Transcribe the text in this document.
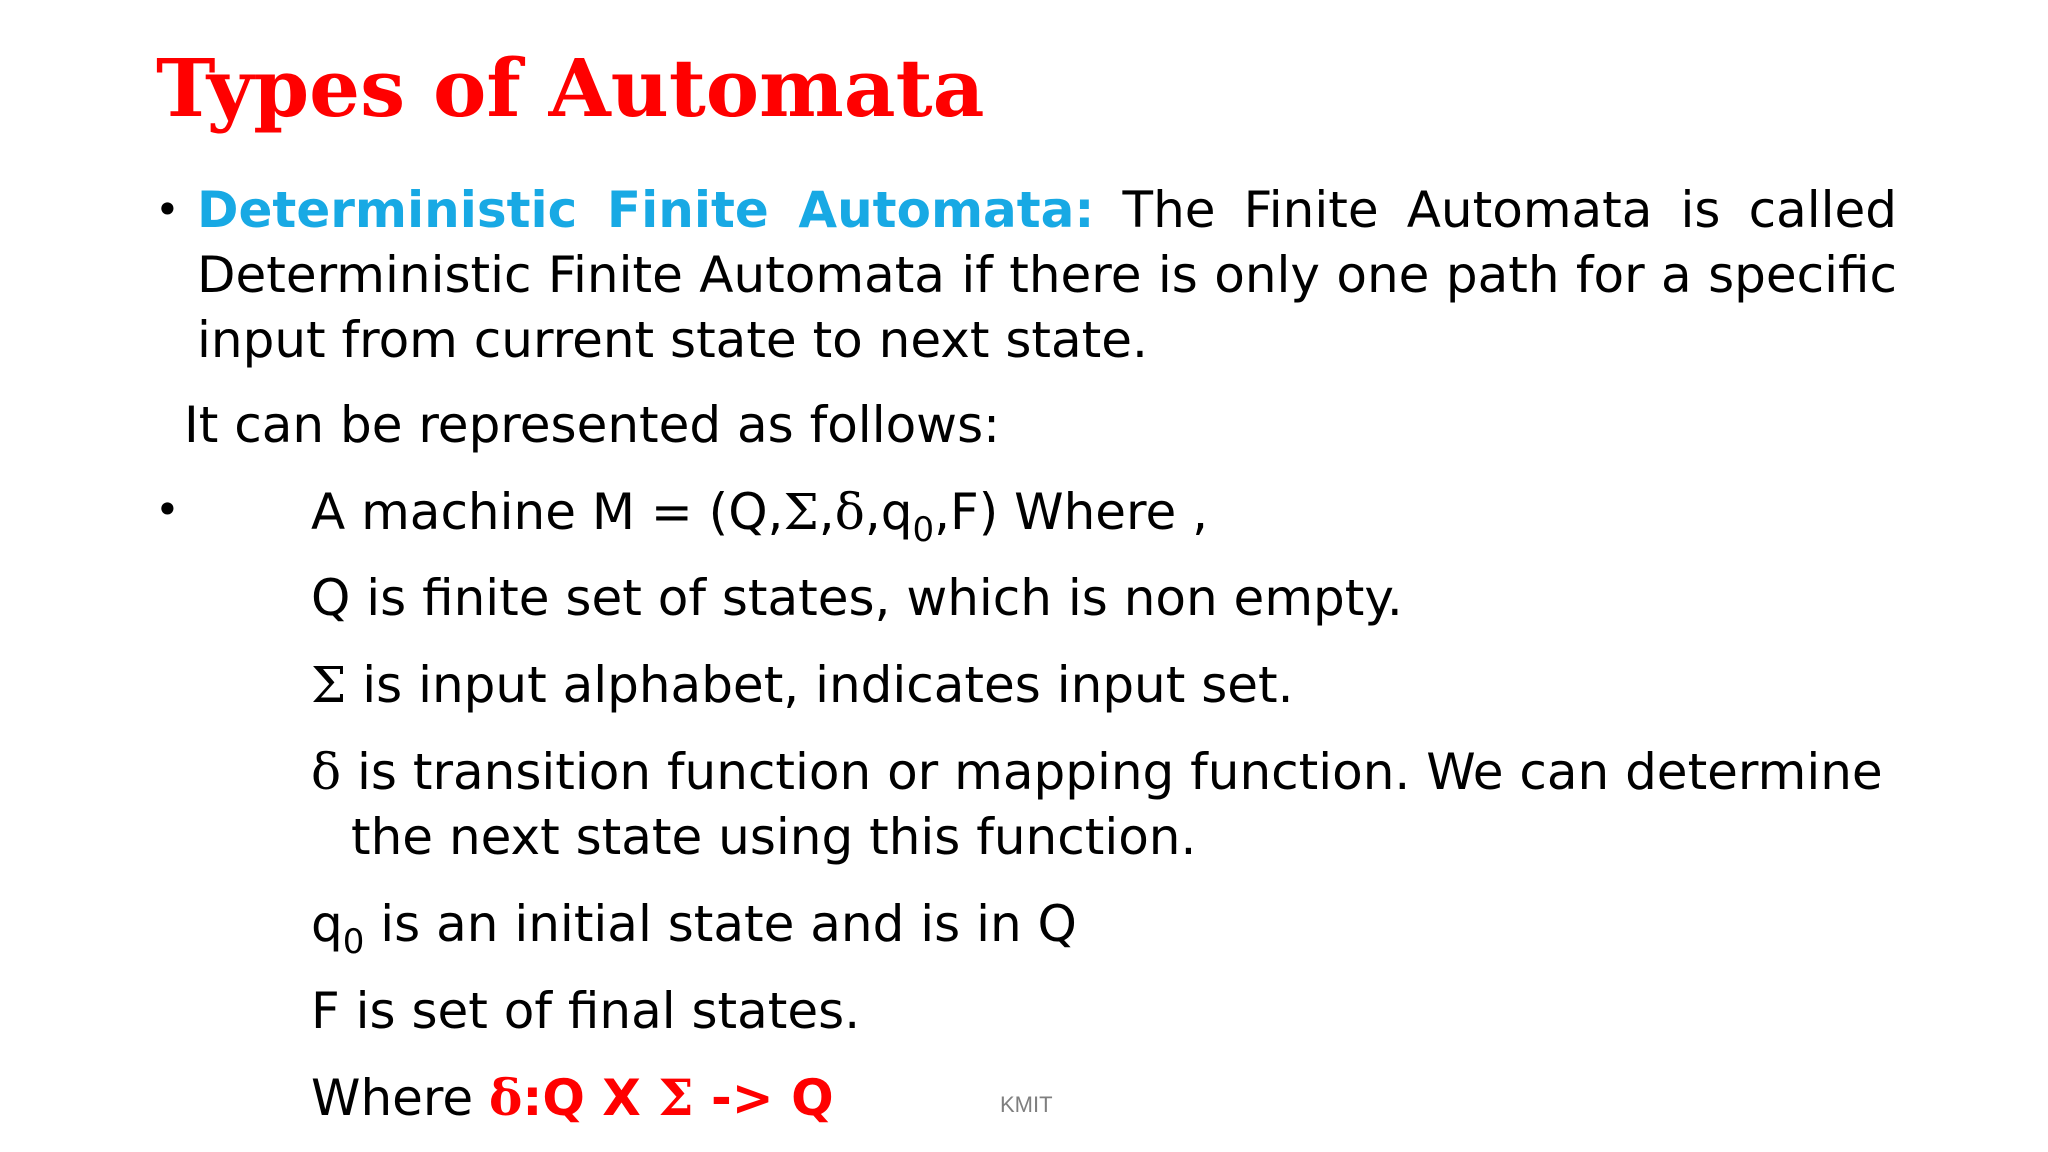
Types of Automata
• Deterministic Finite Automata: The Finite Automata is called Deterministic Finite Automata if there is only one path for a specific input from current state to next state.
It can be represented as follows:
•	A machine $M = (Q,\Sigma,\delta,q_0,F)$ Where ,
Q is finite set of states, which is non empty.
Σ is input alphabet, indicates input set.
δ is transition function or mapping function. We can determine
the next state using this function.
$q_0$ is an initial state and is in Q
F is set of final states.
Where δ:Q X Σ -> Q	KMIT
